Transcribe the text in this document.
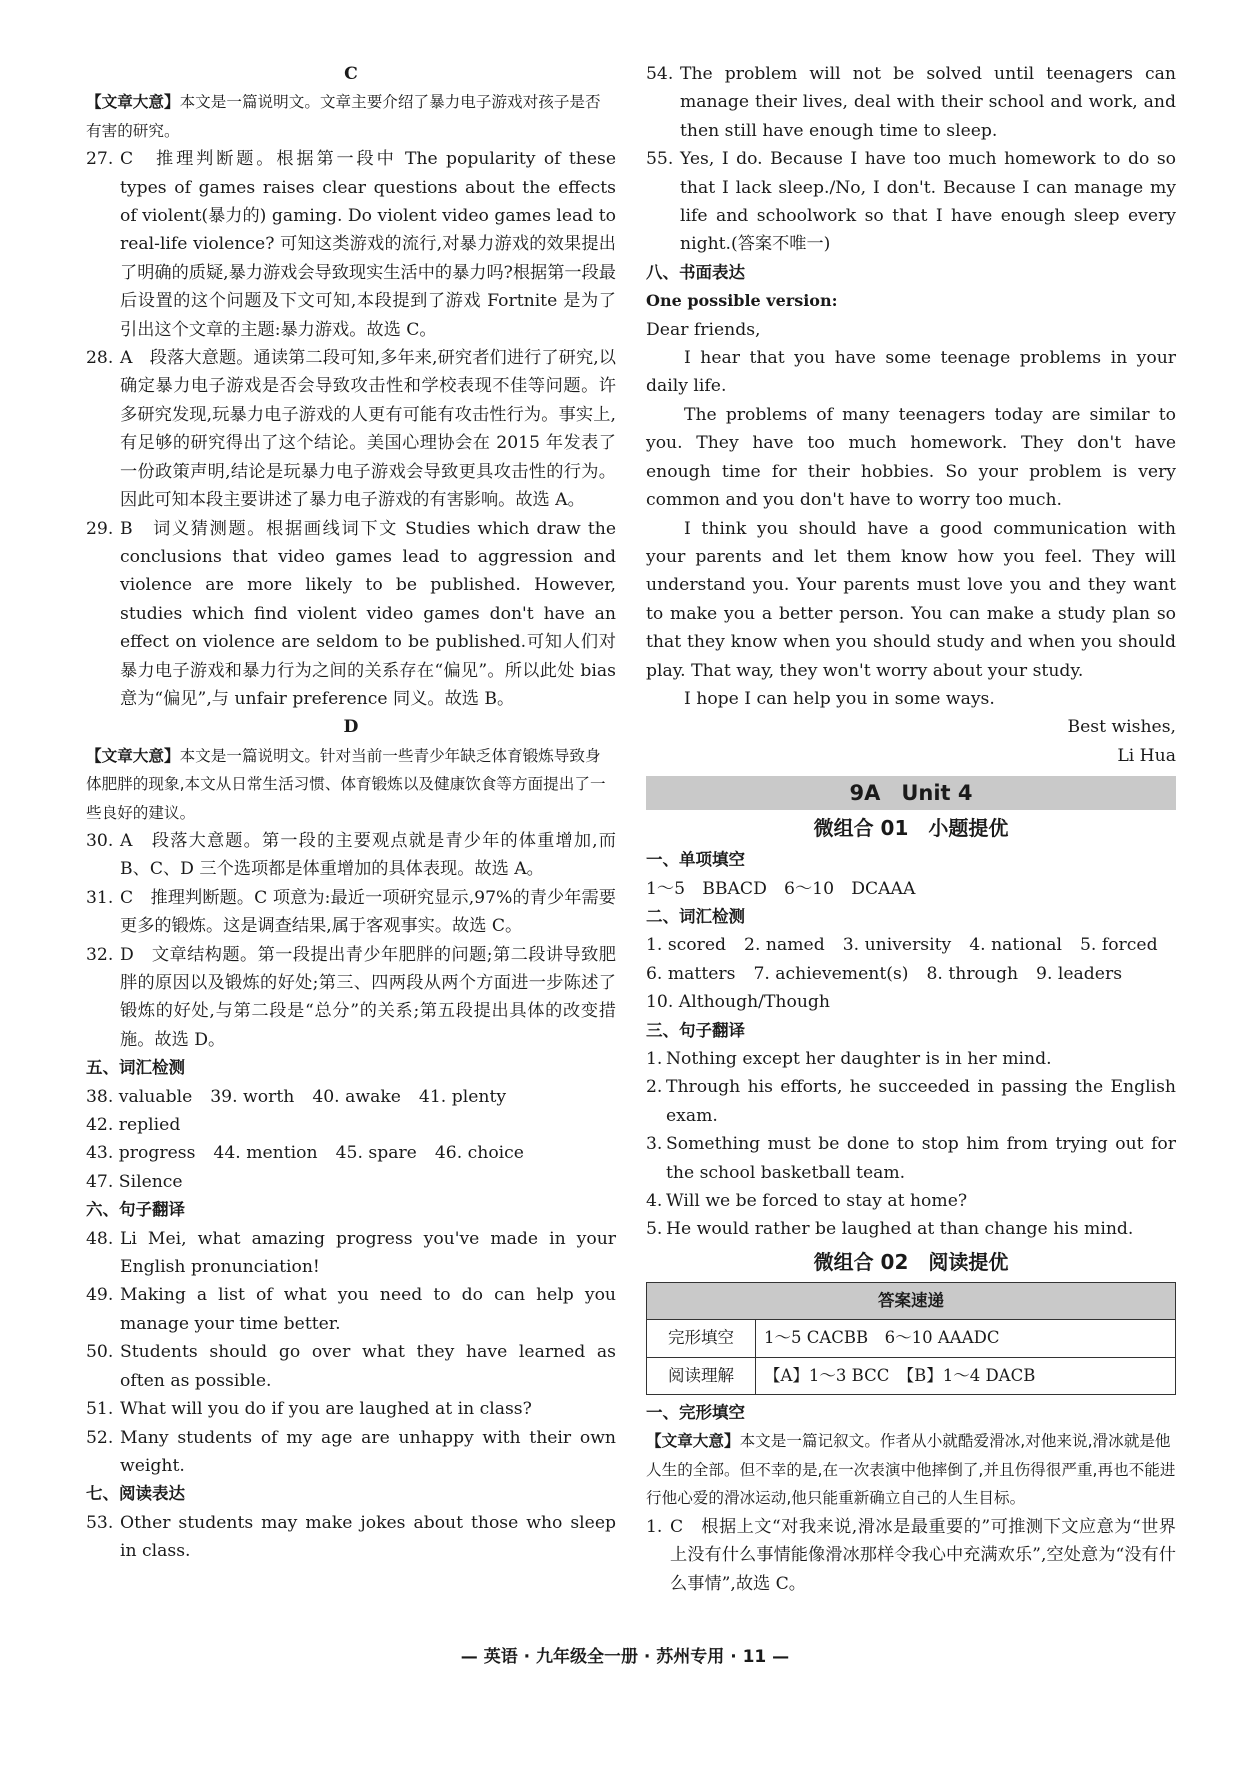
C
【文章大意】本文是一篇说明文。文章主要介绍了暴力电子游戏对孩子是否有害的研究。
27. C　推理判断题。根据第一段中 The popularity of these types of games raises clear questions about the effects of violent(暴力的) gaming. Do violent video games lead to real-life violence? 可知这类游戏的流行,对暴力游戏的效果提出了明确的质疑,暴力游戏会导致现实生活中的暴力吗?根据第一段最后设置的这个问题及下文可知,本段提到了游戏 Fortnite 是为了引出这个文章的主题:暴力游戏。故选 C。
28. A　段落大意题。通读第二段可知,多年来,研究者们进行了研究,以确定暴力电子游戏是否会导致攻击性和学校表现不佳等问题。许多研究发现,玩暴力电子游戏的人更有可能有攻击性行为。事实上,有足够的研究得出了这个结论。美国心理协会在 2015 年发表了一份政策声明,结论是玩暴力电子游戏会导致更具攻击性的行为。因此可知本段主要讲述了暴力电子游戏的有害影响。故选 A。
29. B　词义猜测题。根据画线词下文 Studies which draw the conclusions that video games lead to aggression and violence are more likely to be published. However, studies which find violent video games don't have an effect on violence are seldom to be published.可知人们对暴力电子游戏和暴力行为之间的关系存在“偏见”。所以此处 bias 意为“偏见”,与 unfair preference 同义。故选 B。
D
【文章大意】本文是一篇说明文。针对当前一些青少年缺乏体育锻炼导致身体肥胖的现象,本文从日常生活习惯、体育锻炼以及健康饮食等方面提出了一些良好的建议。
30. A　段落大意题。第一段的主要观点就是青少年的体重增加,而 B、C、D 三个选项都是体重增加的具体表现。故选 A。
31. C　推理判断题。C 项意为:最近一项研究显示,97%的青少年需要更多的锻炼。这是调查结果,属于客观事实。故选 C。
32. D　文章结构题。第一段提出青少年肥胖的问题;第二段讲导致肥胖的原因以及锻炼的好处;第三、四两段从两个方面进一步陈述了锻炼的好处,与第二段是“总分”的关系;第五段提出具体的改变措施。故选 D。
五、词汇检测
38. valuable 39. worth 40. awake 41. plenty
42. replied
43. progress 44. mention 45. spare 46. choice
47. Silence
六、句子翻译
48. Li Mei, what amazing progress you've made in your English pronunciation!
49. Making a list of what you need to do can help you manage your time better.
50. Students should go over what they have learned as often as possible.
51. What will you do if you are laughed at in class?
52. Many students of my age are unhappy with their own weight.
七、阅读表达
53. Other students may make jokes about those who sleep in class.
54. The problem will not be solved until teenagers can manage their lives, deal with their school and work, and then still have enough time to sleep.
55. Yes, I do. Because I have too much homework to do so that I lack sleep./No, I don't. Because I can manage my life and schoolwork so that I have enough sleep every night.(答案不唯一)
八、书面表达
One possible version:
Dear friends,
I hear that you have some teenage problems in your daily life.
The problems of many teenagers today are similar to you. They have too much homework. They don't have enough time for their hobbies. So your problem is very common and you don't have to worry too much.
I think you should have a good communication with your parents and let them know how you feel. They will understand you. Your parents must love you and they want to make you a better person. You can make a study plan so that they know when you should study and when you should play. That way, they won't worry about your study.
I hope I can help you in some ways.
Best wishes,
Li Hua
9A　Unit 4
微组合 01　小题提优
一、单项填空
1～5　BBACD　6～10　DCAAA
二、词汇检测
1. scored 2. named 3. university 4. national 5. forced
6. matters 7. achievement(s) 8. through 9. leaders
10. Although/Though
三、句子翻译
1. Nothing except her daughter is in her mind.
2. Through his efforts, he succeeded in passing the English exam.
3. Something must be done to stop him from trying out for the school basketball team.
4. Will we be forced to stay at home?
5. He would rather be laughed at than change his mind.
微组合 02　阅读提优
答案速递	
完形填空	1～5 CACBB　6～10 AAADC
阅读理解	【A】1～3 BCC　【B】1～4 DACB
一、完形填空
【文章大意】本文是一篇记叙文。作者从小就酷爱滑冰,对他来说,滑冰就是他人生的全部。但不幸的是,在一次表演中他摔倒了,并且伤得很严重,再也不能进行他心爱的滑冰运动,他只能重新确立自己的人生目标。
1. C　根据上文“对我来说,滑冰是最重要的”可推测下文应意为“世界上没有什么事情能像滑冰那样令我心中充满欢乐”,空处意为“没有什么事情”,故选 C。
— 英语 · 九年级全一册 · 苏州专用 · 11 —
